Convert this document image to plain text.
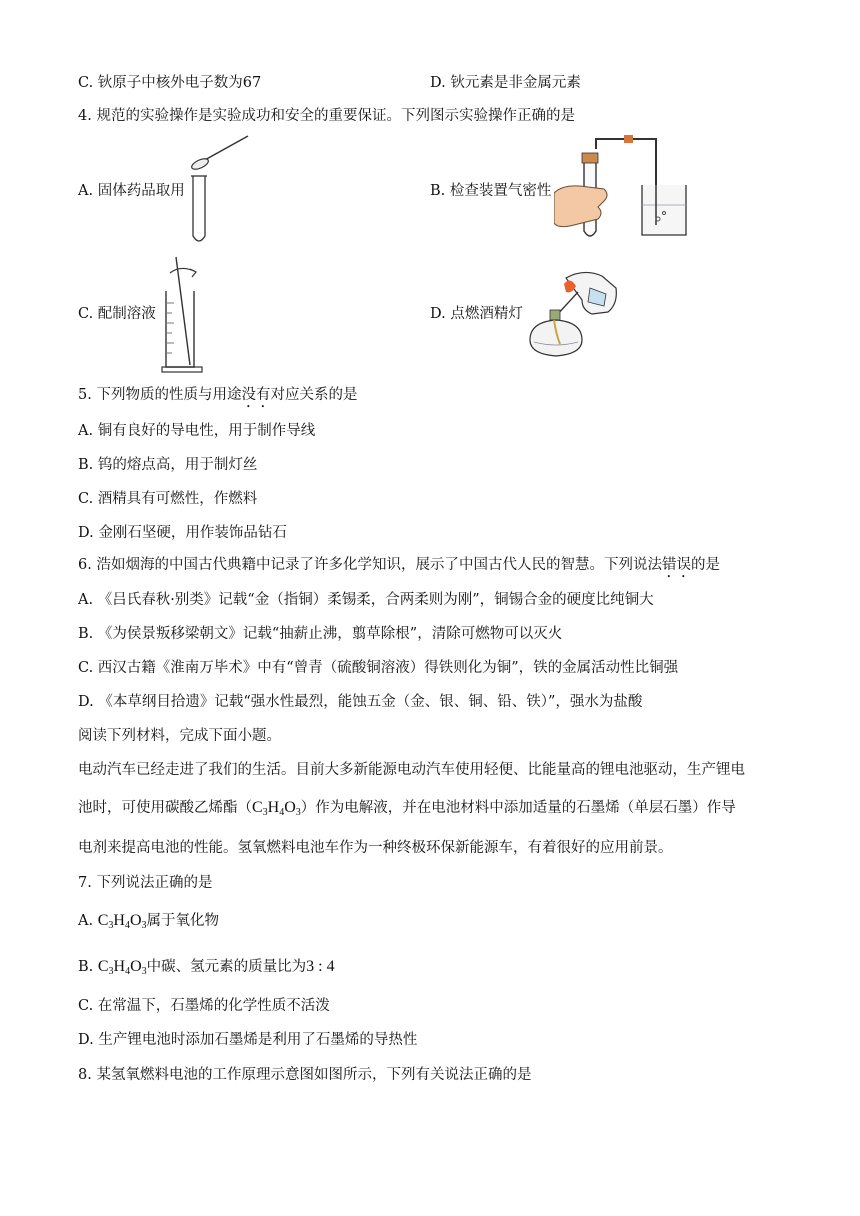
C. 钬原子中核外电子数为67	D. 钬元素是非金属元素
4. 规范的实验操作是实验成功和安全的重要保证。下列图示实验操作正确的是
A. 固体药品取用	B. 检查装置气密性
C. 配制溶液	D. 点燃酒精灯
5. 下列物质的性质与用途没有对应关系的是
A. 铜有良好的导电性，用于制作导线
B. 钨的熔点高，用于制灯丝
C. 酒精具有可燃性，作燃料
D. 金刚石坚硬，用作装饰品钻石
6. 浩如烟海的中国古代典籍中记录了许多化学知识，展示了中国古代人民的智慧。下列说法错误的是
A. 《吕氏春秋·别类》记载“金（指铜）柔锡柔，合两柔则为刚”，铜锡合金的硬度比纯铜大
B. 《为侯景叛移梁朝文》记载“抽薪止沸，翦草除根”，清除可燃物可以灭火
C. 西汉古籍《淮南万毕术》中有“曾青（硫酸铜溶液）得铁则化为铜”，铁的金属活动性比铜强
D. 《本草纲目拾遗》记载“强水性最烈，能蚀五金（金、银、铜、铅、铁）”，强水为盐酸
阅读下列材料，完成下面小题。
电动汽车已经走进了我们的生活。目前大多新能源电动汽车使用轻便、比能量高的锂电池驱动，生产锂电
池时，可使用碳酸乙烯酯$(C_3H_4O_3)$作为电解液，并在电池材料中添加适量的石墨烯（单层石墨）作导
电剂来提高电池的性能。氢氧燃料电池车作为一种终极环保新能源车，有着很好的应用前景。
7. 下列说法正确的是
A. $C_3H_4O_3$属于氧化物
B. $C_3H_4O_3$中碳、氢元素的质量比为3 : 4
C. 在常温下，石墨烯的化学性质不活泼
D. 生产锂电池时添加石墨烯是利用了石墨烯的导热性
8. 某氢氧燃料电池的工作原理示意图如图所示，下列有关说法正确的是
